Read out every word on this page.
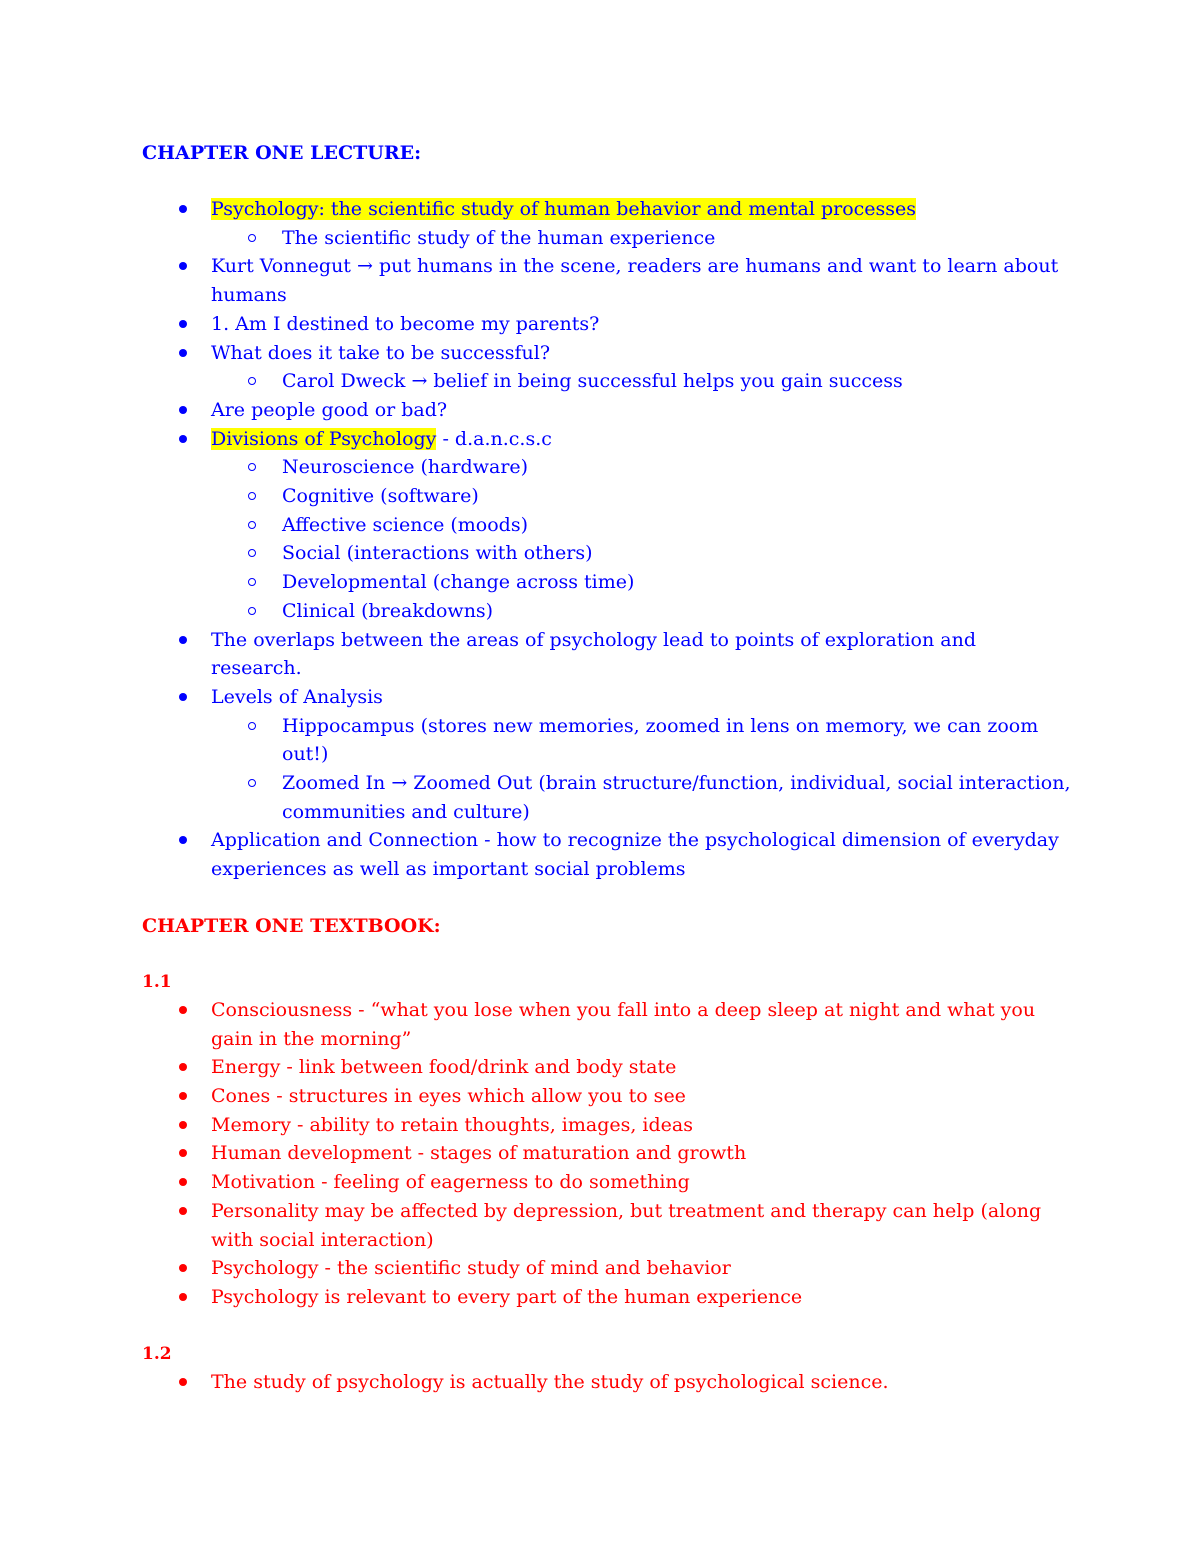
CHAPTER ONE LECTURE:
Psychology: the scientific study of human behavior and mental processes
The scientific study of the human experience
Kurt Vonnegut → put humans in the scene, readers are humans and want to learn about humans
1. Am I destined to become my parents?
What does it take to be successful?
Carol Dweck → belief in being successful helps you gain success
Are people good or bad?
Divisions of Psychology - d.a.n.c.s.c
Neuroscience (hardware)
Cognitive (software)
Affective science (moods)
Social (interactions with others)
Developmental (change across time)
Clinical (breakdowns)
The overlaps between the areas of psychology lead to points of exploration and research.
Levels of Analysis
Hippocampus (stores new memories, zoomed in lens on memory, we can zoom out!)
Zoomed In → Zoomed Out (brain structure/function, individual, social interaction, communities and culture)
Application and Connection - how to recognize the psychological dimension of everyday experiences as well as important social problems
CHAPTER ONE TEXTBOOK:
1.1
Consciousness - “what you lose when you fall into a deep sleep at night and what you gain in the morning”
Energy - link between food/drink and body state
Cones - structures in eyes which allow you to see
Memory - ability to retain thoughts, images, ideas
Human development - stages of maturation and growth
Motivation - feeling of eagerness to do something
Personality may be affected by depression, but treatment and therapy can help (along with social interaction)
Psychology - the scientific study of mind and behavior
Psychology is relevant to every part of the human experience
1.2
The study of psychology is actually the study of psychological science.
